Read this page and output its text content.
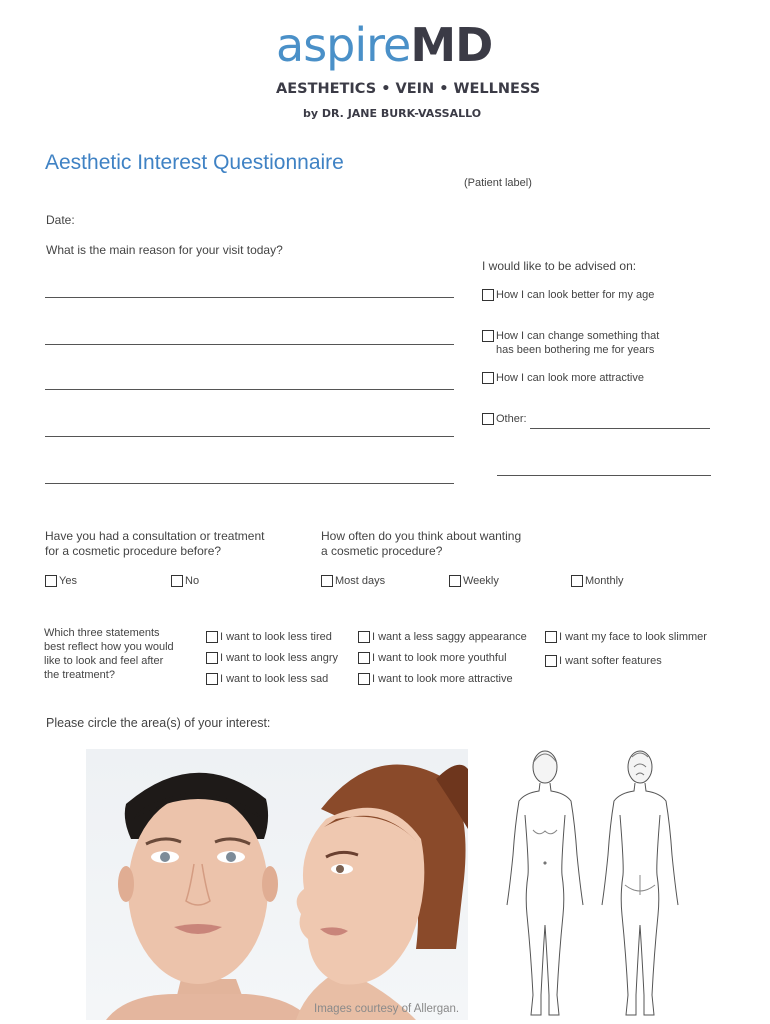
aspireMD
AESTHETICS • VEIN • WELLNESS
by DR. JANE BURK-VASSALLO
Aesthetic Interest Questionnaire
(Patient label)
Date:
What is the main reason for your visit today?
I would like to be advised on:
How I can look better for my age
How I can change something that
has been bothering me for years
How I can look more attractive
Other:
Have you had a consultation or treatment
for a cosmetic procedure before?
Yes	No
How often do you think about wanting
a cosmetic procedure?
Most days	Weekly	Monthly
Which three statements
best reflect how you would
like to look and feel after
the treatment?
I want to look less tired
I want to look less angry
I want to look less sad
I want a less saggy appearance
I want to look more youthful
I want to look more attractive
I want my face to look slimmer
I want softer features
Please circle the area(s) of your interest:
Images courtesy of Allergan.
